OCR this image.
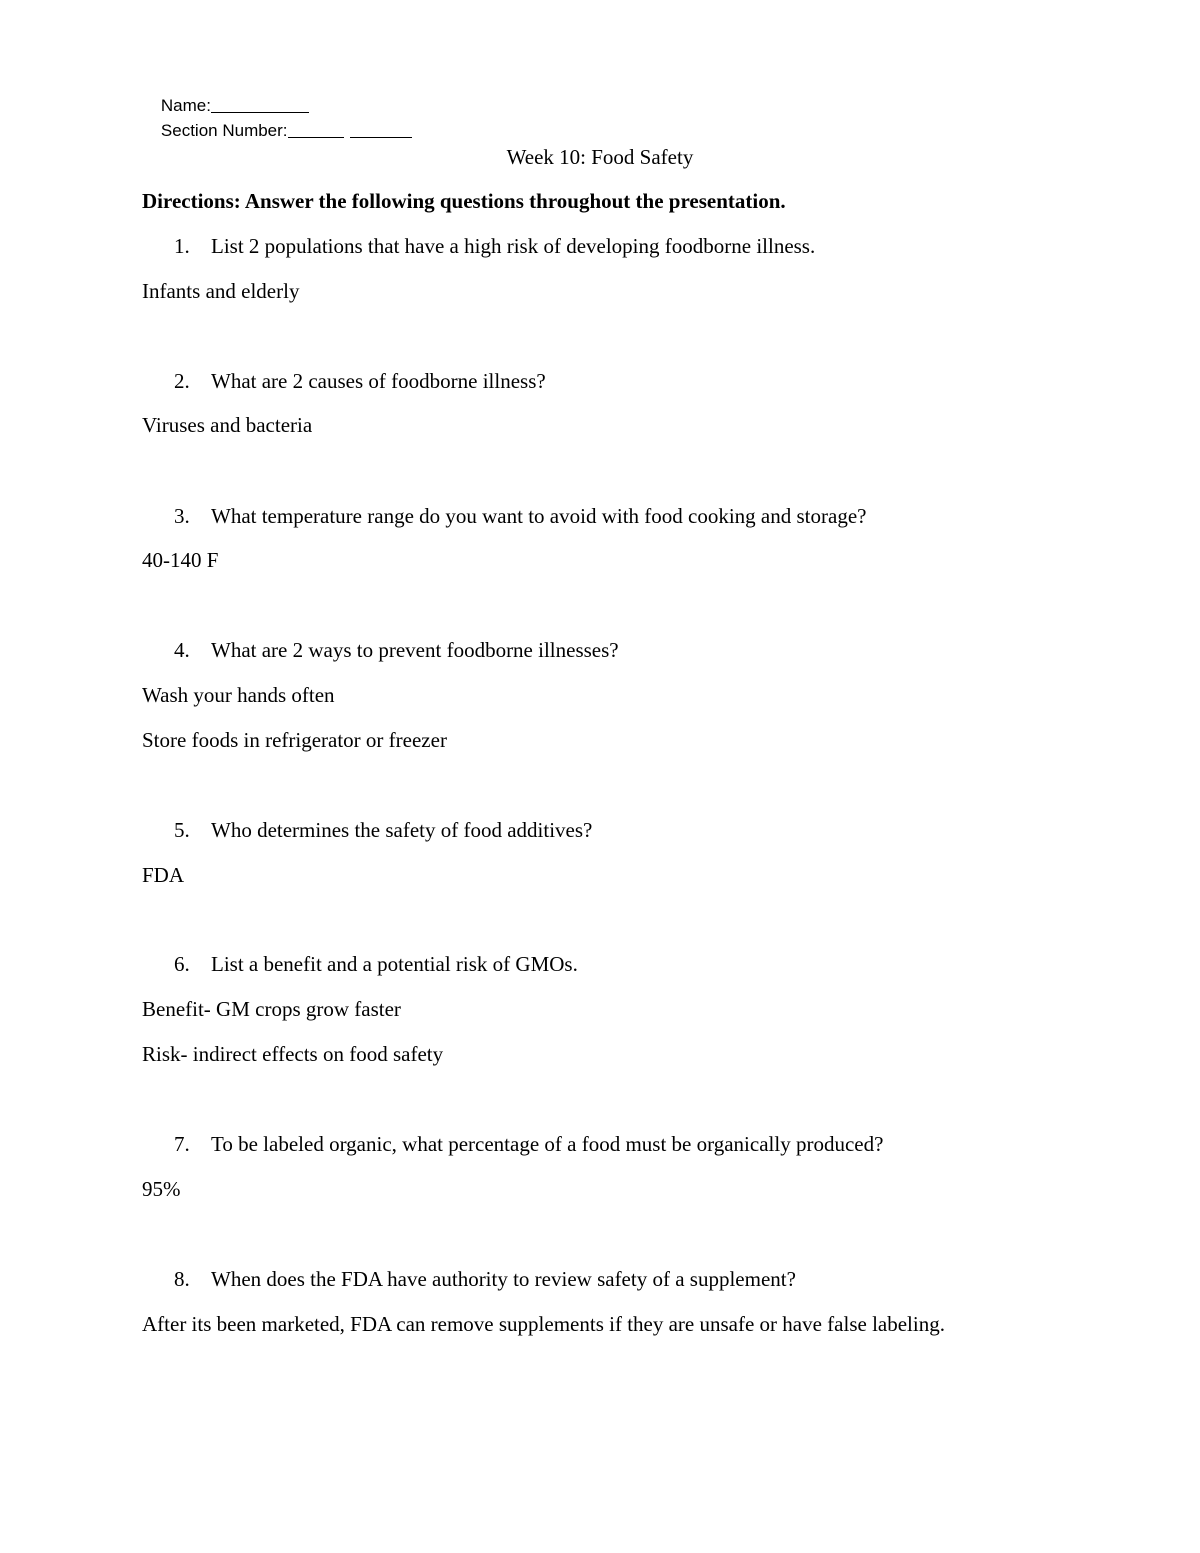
Name:

Section Number:

Week 10: Food Safety
Directions: Answer the following questions throughout the presentation.
1. List 2 populations that have a high risk of developing foodborne illness.
Infants and elderly
2. What are 2 causes of foodborne illness?
Viruses and bacteria
3. What temperature range do you want to avoid with food cooking and storage?
40-140 F
4. What are 2 ways to prevent foodborne illnesses?
Wash your hands often
Store foods in refrigerator or freezer
5. Who determines the safety of food additives?
FDA
6. List a benefit and a potential risk of GMOs.
Benefit- GM crops grow faster
Risk- indirect effects on food safety
7. To be labeled organic, what percentage of a food must be organically produced?
95%
8. When does the FDA have authority to review safety of a supplement?
After its been marketed, FDA can remove supplements if they are unsafe or have false labeling.
